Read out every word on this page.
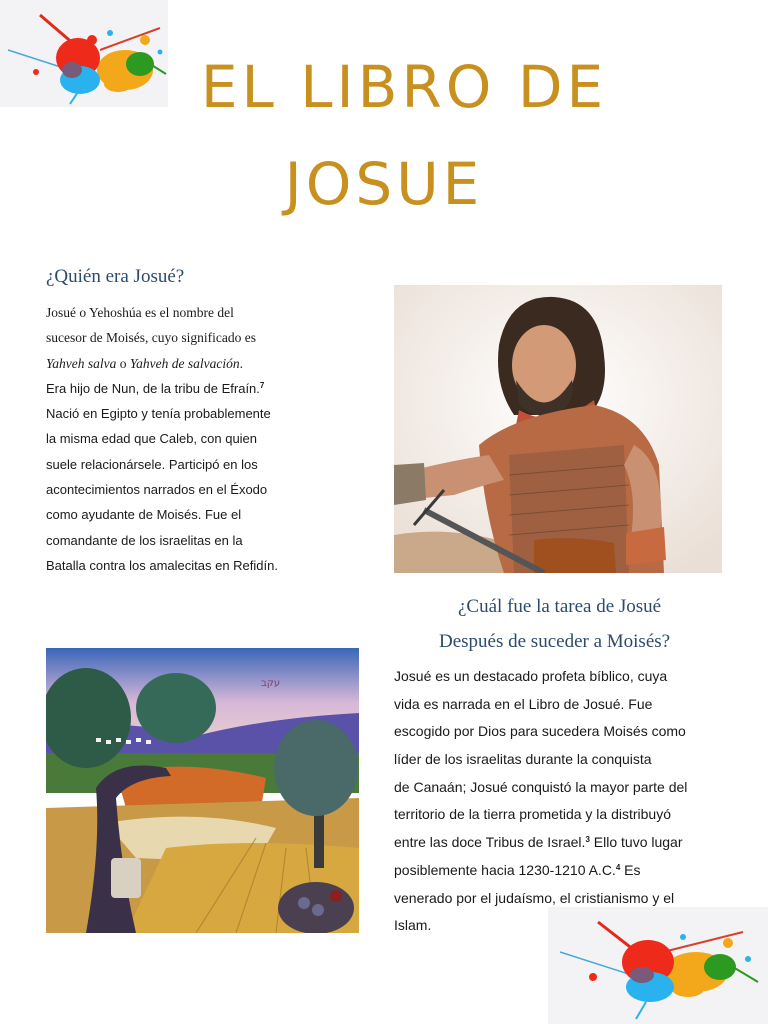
EL LIBRO DE
JOSUE
¿Quién era Josué?
Josué o Yehoshúa es el nombre del
sucesor de Moisés, cuyo significado es
Yahveh salva o Yahveh de salvación.
Era hijo de Nun, de la tribu de Efraín.$^7$
Nació en Egipto y tenía probablemente
la misma edad que Caleb, con quien
suele relacionársele. Participó en los
acontecimientos narrados en el Éxodo
como ayudante de Moisés. Fue el
comandante de los israelitas en la
Batalla contra los amalecitas en Refidín.
¿Cuál fue la tarea de Josué
Después de suceder a Moisés?
עקב	Josué es un destacado profeta bíblico, cuya
vida es narrada en el Libro de Josué. Fue
escogido por Dios para sucedera Moisés como
líder de los israelitas durante la conquista
de Canaán; Josué conquistó la mayor parte del
territorio de la tierra prometida y la distribuyó
entre las doce Tribus de Israel.$^3$ Ello tuvo lugar
posiblemente hacia 1230-1210 A.C.$^4$ Es
venerado por el judaísmo, el cristianismo y el
Islam.
